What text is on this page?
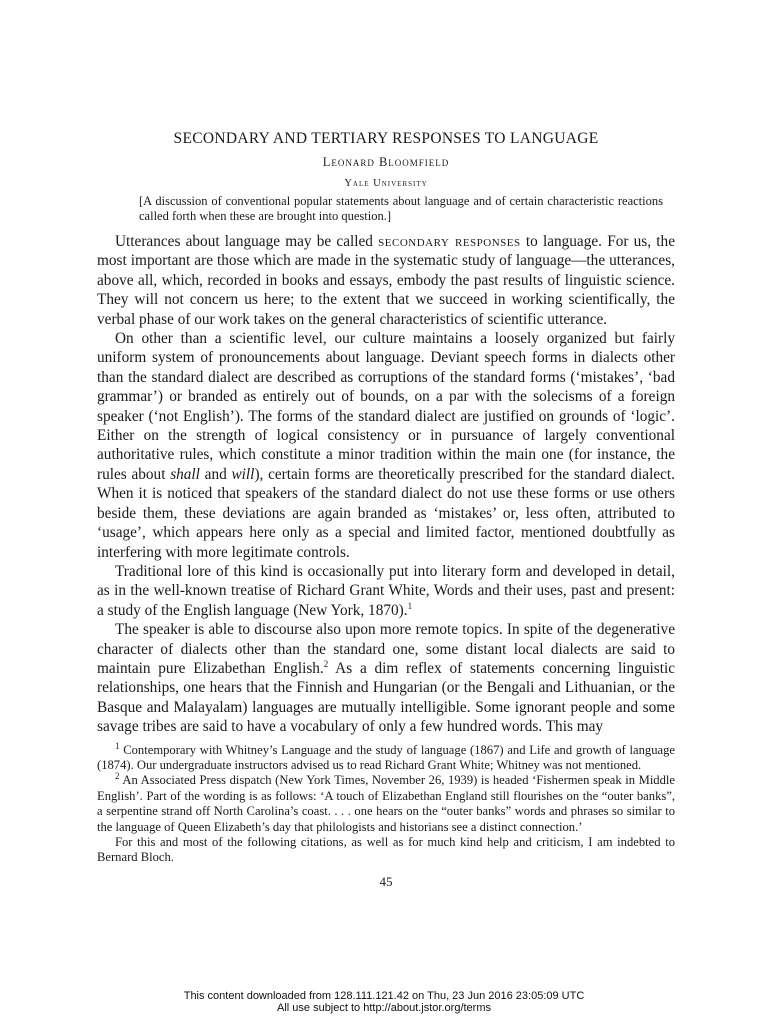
SECONDARY AND TERTIARY RESPONSES TO LANGUAGE
Leonard Bloomfield
Yale University
[A discussion of conventional popular statements about language and of certain characteristic reactions called forth when these are brought into question.]

Utterances about language may be called secondary responses to language. For us, the most important are those which are made in the systematic study of language—the utterances, above all, which, recorded in books and essays, embody the past results of linguistic science. They will not concern us here; to the extent that we succeed in working scientifically, the verbal phase of our work takes on the general characteristics of scientific utterance.

On other than a scientific level, our culture maintains a loosely organized but fairly uniform system of pronouncements about language. Deviant speech forms in dialects other than the standard dialect are described as corruptions of the standard forms (‘mistakes’, ‘bad grammar’) or branded as entirely out of bounds, on a par with the solecisms of a foreign speaker (‘not English’). The forms of the standard dialect are justified on grounds of ‘logic’. Either on the strength of logical consistency or in pursuance of largely conventional authoritative rules, which constitute a minor tradition within the main one (for instance, the rules about shall and will), certain forms are theoretically prescribed for the standard dialect. When it is noticed that speakers of the standard dialect do not use these forms or use others beside them, these deviations are again branded as ‘mistakes’ or, less often, attributed to ‘usage’, which appears here only as a special and limited factor, mentioned doubtfully as interfering with more legitimate controls.

Traditional lore of this kind is occasionally put into literary form and developed in detail, as in the well-known treatise of Richard Grant White, Words and their uses, past and present: a study of the English language (New York, 1870).$^1$

The speaker is able to discourse also upon more remote topics. In spite of the degenerative character of dialects other than the standard one, some distant local dialects are said to maintain pure Elizabethan English.$^2$ As a dim reflex of statements concerning linguistic relationships, one hears that the Finnish and Hungarian (or the Bengali and Lithuanian, or the Basque and Malayalam) languages are mutually intelligible. Some ignorant people and some savage tribes are said to have a vocabulary of only a few hundred words. This may

$^1$ Contemporary with Whitney’s Language and the study of language (1867) and Life and growth of language (1874). Our undergraduate instructors advised us to read Richard Grant White; Whitney was not mentioned.

$^2$ An Associated Press dispatch (New York Times, November 26, 1939) is headed ‘Fishermen speak in Middle English’. Part of the wording is as follows: ‘A touch of Elizabethan England still flourishes on the “outer banks”, a serpentine strand off North Carolina’s coast. . . . one hears on the “outer banks” words and phrases so similar to the language of Queen Elizabeth’s day that philologists and historians see a distinct connection.’

For this and most of the following citations, as well as for much kind help and criticism, I am indebted to Bernard Bloch.

45
This content downloaded from 128.111.121.42 on Thu, 23 Jun 2016 23:05:09 UTC
All use subject to http://about.jstor.org/terms
